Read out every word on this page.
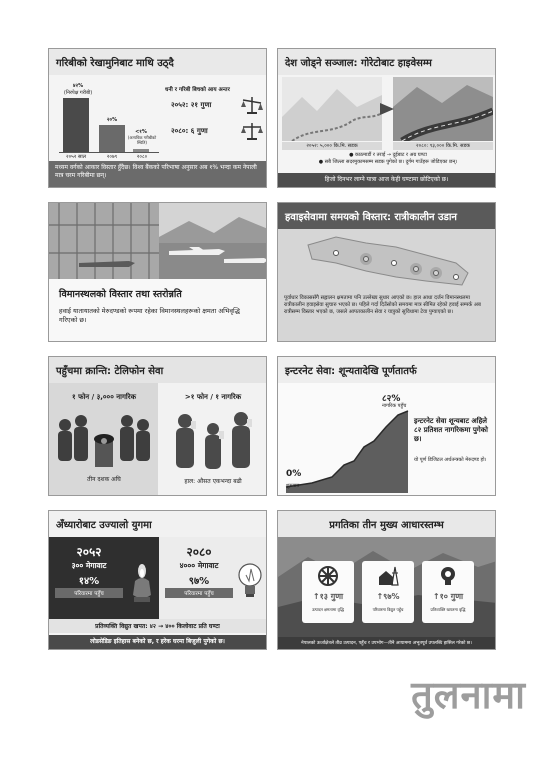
गरिबीको रेखामुनिबाट माथि उठ्दै
४२%
(निरपेक्ष गरीबी)
२०%
<१%
(अत्यधिक गरीबीको स्थिति)
२०५२ साल	२०७९	२०८०
धनी र गरिबी बिचको आय अन्तर
२०५२: २१ गुणा
२०८०: ६ गुणा
मध्यम वर्गको आकार विस्तार हुँदैछ। विश्व बैंकको परिभाषा अनुसार अब १% भन्दा कम नेपाली मात्र चरम गरिबीमा छन्।
देश जोड्ने सञ्जाल: गोरेटोबाट हाइवेसम्म
२०५२: ५,००० कि.मि. सडक	२०८०: ९३,००० कि.मि. सडक
● काठमाडौं र तराई → दुईबाट र अग्र घण्टा
● सबै जिल्ला सदरमुकामसम्म सडक पुगेको छ। दुर्गम गाउँहरू जोडिएका छन्।
हिजो दिनभर लाग्ने यात्रा आज केही घण्टामा छोटिएको छ।
विमानस्थलको विस्तार तथा स्तरोन्नति
हवाई यातायातको मेरुदण्डको रूपमा रहेका विमानस्थलहरूको क्षमता अभिवृद्धि गरिएको छ।
हवाइसेवामा समयको विस्तार: रात्रीकालीन उडान
पूर्वाधार विकाससँगै सह्लालन क्षमतामा पनि उल्लेख्य सुधार आएको छ। हाल आधा दर्जन विमानस्थलमा रात्रीकालीन हवाइसेवा सुचारु भएको छ। पहिले गर्दा दिउँसोको समयमा मात्र सीमित रहेको हवाई सम्पर्क अब रात्रीसम्म विस्तार भएको छ, जसले आपतकालीन सेवा र यात्रुको सुविधामा टेवा पुग्याएको छ।
पहुँचमा क्रान्ति: टेलिफोन सेवा
१ फोन / ३,००० नागरिक
तीन दशक अघि
>१ फोन / १ नागरिक
हाल: औसत एकभन्दा बढी
इन्टरनेट सेवा: शून्यतादेखि पूर्णतातर्फ
८२%
नागरिक पहुँच
0%
शुरुवात
इन्टरनेट सेवा शून्यबाट अहिले ८२ प्रतिशत नागरिकमा पुगेको छ।
यो पूर्ण डिजिटल अर्थतन्त्रको मेरुदण्ड हो।
अँध्यारोबाट उज्यालो युगमा
२०५२
३०० मेगावाट
१४%
परिवारमा पहुँच
२०८०
४००० मेगावाट
९७%
परिवारमा पहुँच
प्रतिव्यक्ति विद्युत खपत: ४२ → ४०० किलोवाट प्रति घण्टा
लोडसेडिङ इतिहास बनेको छ, र हरेक घरमा बिजुली पुगेको छ।
प्रगतिका तीन मुख्य आधारस्तम्भ
↑१३ गुणा	↑९७%	↑१० गुणा
उत्पादन क्षमतामा वृद्धि	परिवारमा विद्युत पहुँच	प्रतिव्यक्ति खपतमा वृद्धि
नेपालको ऊर्जाक्षेत्रले तीव्र उत्पादन, पहुँच र उपभोग—तीनै आयाममा अभूतपूर्व उपलब्धि हासिल गरेको छ।
तुलनामा
